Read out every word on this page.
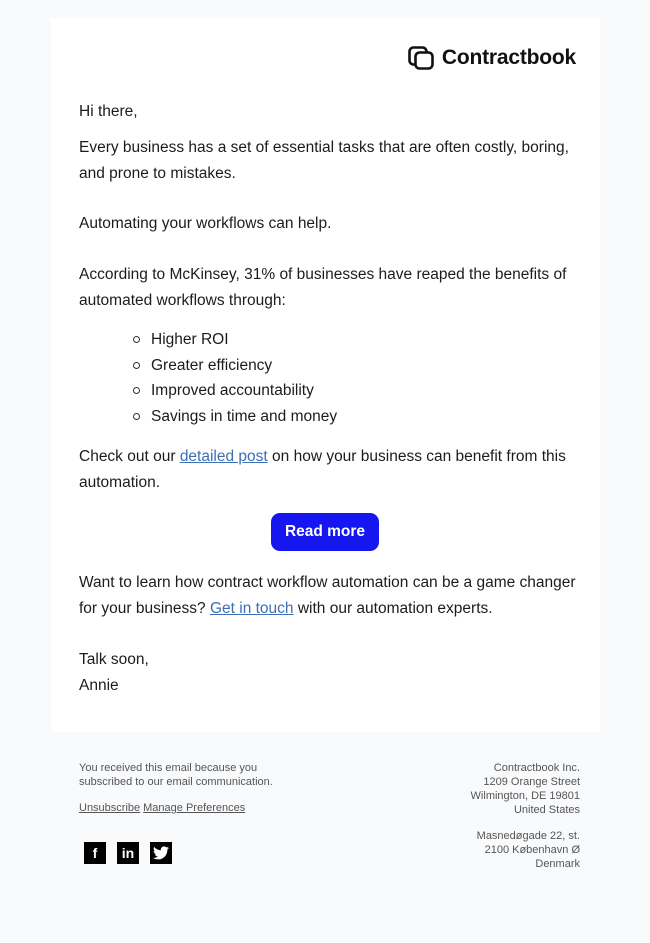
Contractbook

Hi there,

Every business has a set of essential tasks that are often costly, boring, and prone to mistakes.

Automating your workflows can help.

According to McKinsey, 31% of businesses have reaped the benefits of automated workflows through:

Higher ROI
Greater efficiency
Improved accountability
Savings in time and money

Check out our detailed post on how your business can benefit from this automation.

Read more

Want to learn how contract workflow automation can be a game changer for your business? Get in touch with our automation experts.

Talk soon,

Annie

You received this email because you

subscribed to our email communication.

Unsubscribe Manage Preferences
f	in
Contractbook Inc.
1209 Orange Street
Wilmington, DE 19801
United States
Masnedøgade 22, st.
2100 København Ø
Denmark
